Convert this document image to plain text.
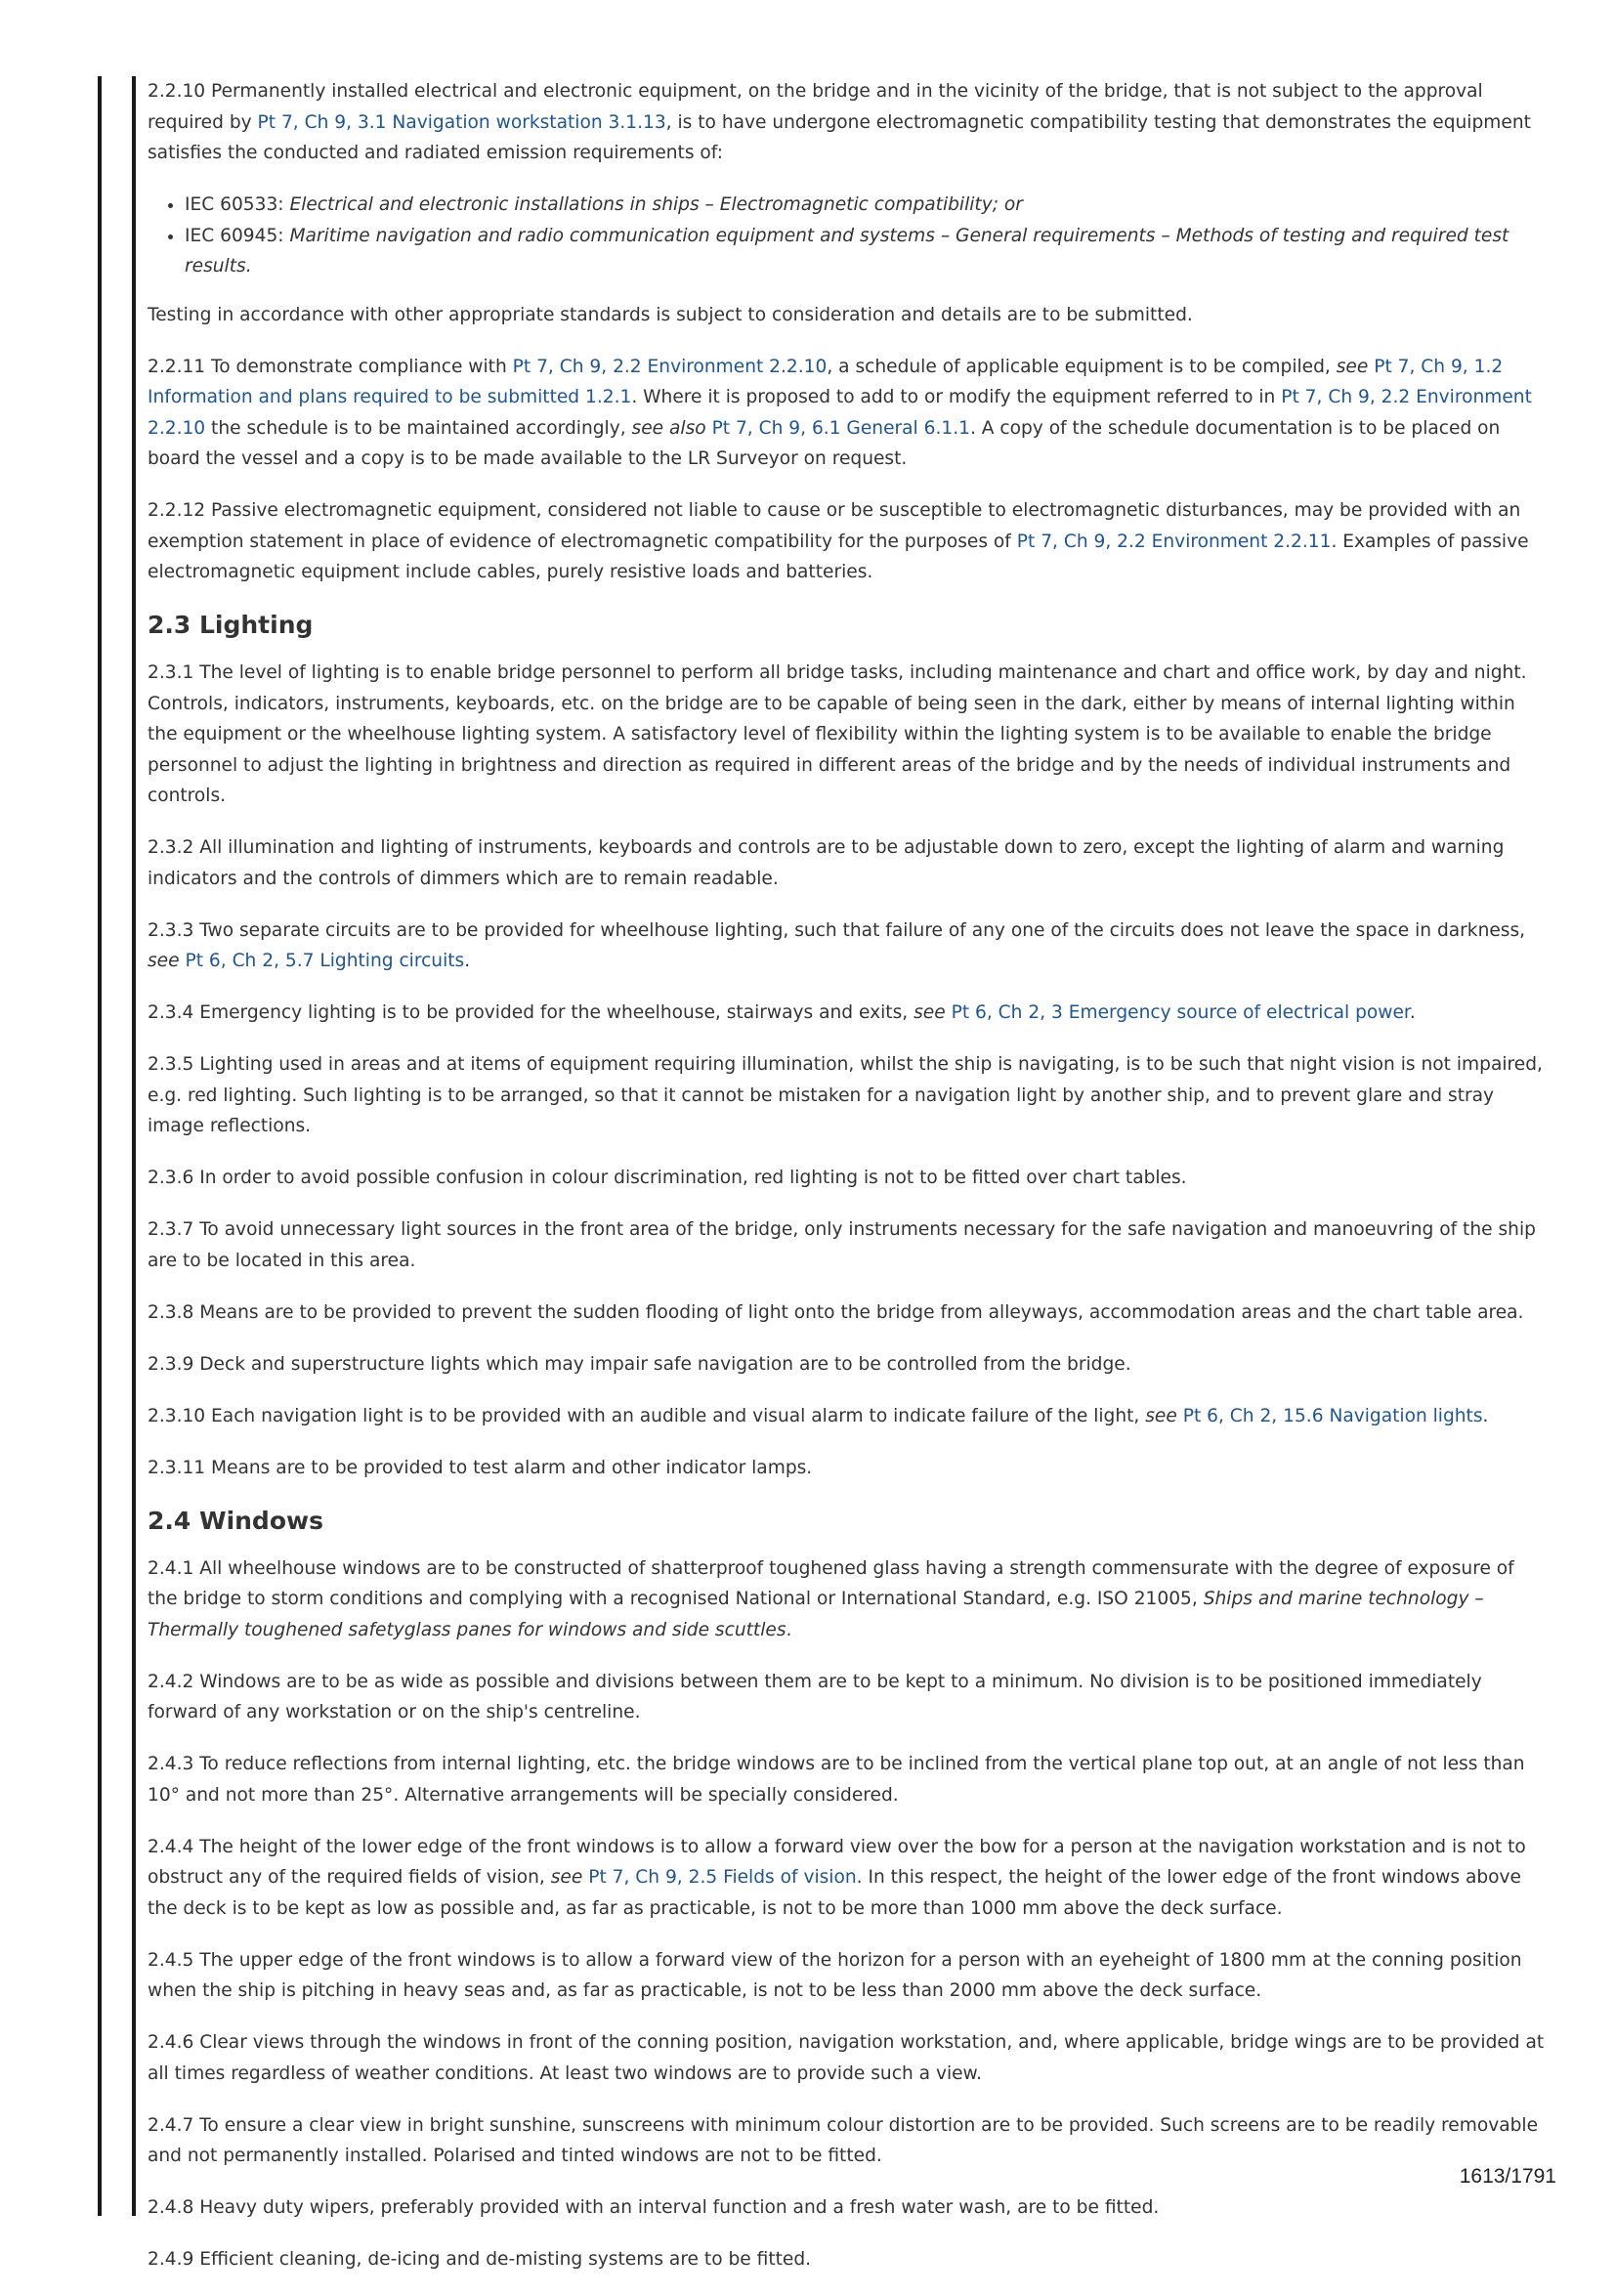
2.2.10 Permanently installed electrical and electronic equipment, on the bridge and in the vicinity of the bridge, that is not subject to the approval required by Pt 7, Ch 9, 3.1 Navigation workstation 3.1.13, is to have undergone electromagnetic compatibility testing that demonstrates the equipment satisfies the conducted and radiated emission requirements of:

• IEC 60533: Electrical and electronic installations in ships – Electromagnetic compatibility; or
• IEC 60945: Maritime navigation and radio communication equipment and systems – General requirements – Methods of testing and required test results.

Testing in accordance with other appropriate standards is subject to consideration and details are to be submitted.

2.2.11 To demonstrate compliance with Pt 7, Ch 9, 2.2 Environment 2.2.10, a schedule of applicable equipment is to be compiled, see Pt 7, Ch 9, 1.2 Information and plans required to be submitted 1.2.1. Where it is proposed to add to or modify the equipment referred to in Pt 7, Ch 9, 2.2 Environment 2.2.10 the schedule is to be maintained accordingly, see also Pt 7, Ch 9, 6.1 General 6.1.1. A copy of the schedule documentation is to be placed on board the vessel and a copy is to be made available to the LR Surveyor on request.

2.2.12 Passive electromagnetic equipment, considered not liable to cause or be susceptible to electromagnetic disturbances, may be provided with an exemption statement in place of evidence of electromagnetic compatibility for the purposes of Pt 7, Ch 9, 2.2 Environment 2.2.11. Examples of passive electromagnetic equipment include cables, purely resistive loads and batteries.

2.3 Lighting

2.3.1 The level of lighting is to enable bridge personnel to perform all bridge tasks, including maintenance and chart and office work, by day and night. Controls, indicators, instruments, keyboards, etc. on the bridge are to be capable of being seen in the dark, either by means of internal lighting within the equipment or the wheelhouse lighting system. A satisfactory level of flexibility within the lighting system is to be available to enable the bridge personnel to adjust the lighting in brightness and direction as required in different areas of the bridge and by the needs of individual instruments and controls.

2.3.2 All illumination and lighting of instruments, keyboards and controls are to be adjustable down to zero, except the lighting of alarm and warning indicators and the controls of dimmers which are to remain readable.

2.3.3 Two separate circuits are to be provided for wheelhouse lighting, such that failure of any one of the circuits does not leave the space in darkness, see Pt 6, Ch 2, 5.7 Lighting circuits.

2.3.4 Emergency lighting is to be provided for the wheelhouse, stairways and exits, see Pt 6, Ch 2, 3 Emergency source of electrical power.

2.3.5 Lighting used in areas and at items of equipment requiring illumination, whilst the ship is navigating, is to be such that night vision is not impaired, e.g. red lighting. Such lighting is to be arranged, so that it cannot be mistaken for a navigation light by another ship, and to prevent glare and stray image reflections.

2.3.6 In order to avoid possible confusion in colour discrimination, red lighting is not to be fitted over chart tables.

2.3.7 To avoid unnecessary light sources in the front area of the bridge, only instruments necessary for the safe navigation and manoeuvring of the ship are to be located in this area.

2.3.8 Means are to be provided to prevent the sudden flooding of light onto the bridge from alleyways, accommodation areas and the chart table area.

2.3.9 Deck and superstructure lights which may impair safe navigation are to be controlled from the bridge.

2.3.10 Each navigation light is to be provided with an audible and visual alarm to indicate failure of the light, see Pt 6, Ch 2, 15.6 Navigation lights.

2.3.11 Means are to be provided to test alarm and other indicator lamps.

2.4 Windows

2.4.1 All wheelhouse windows are to be constructed of shatterproof toughened glass having a strength commensurate with the degree of exposure of the bridge to storm conditions and complying with a recognised National or International Standard, e.g. ISO 21005, Ships and marine technology – Thermally toughened safetyglass panes for windows and side scuttles.

2.4.2 Windows are to be as wide as possible and divisions between them are to be kept to a minimum. No division is to be positioned immediately forward of any workstation or on the ship's centreline.

2.4.3 To reduce reflections from internal lighting, etc. the bridge windows are to be inclined from the vertical plane top out, at an angle of not less than 10° and not more than 25°. Alternative arrangements will be specially considered.

2.4.4 The height of the lower edge of the front windows is to allow a forward view over the bow for a person at the navigation workstation and is not to obstruct any of the required fields of vision, see Pt 7, Ch 9, 2.5 Fields of vision. In this respect, the height of the lower edge of the front windows above the deck is to be kept as low as possible and, as far as practicable, is not to be more than 1000 mm above the deck surface.

2.4.5 The upper edge of the front windows is to allow a forward view of the horizon for a person with an eyeheight of 1800 mm at the conning position when the ship is pitching in heavy seas and, as far as practicable, is not to be less than 2000 mm above the deck surface.

2.4.6 Clear views through the windows in front of the conning position, navigation workstation, and, where applicable, bridge wings are to be provided at all times regardless of weather conditions. At least two windows are to provide such a view.

2.4.7 To ensure a clear view in bright sunshine, sunscreens with minimum colour distortion are to be provided. Such screens are to be readily removable and not permanently installed. Polarised and tinted windows are not to be fitted.

2.4.8 Heavy duty wipers, preferably provided with an interval function and a fresh water wash, are to be fitted.

2.4.9 Efficient cleaning, de-icing and de-misting systems are to be fitted.

1613/1791
